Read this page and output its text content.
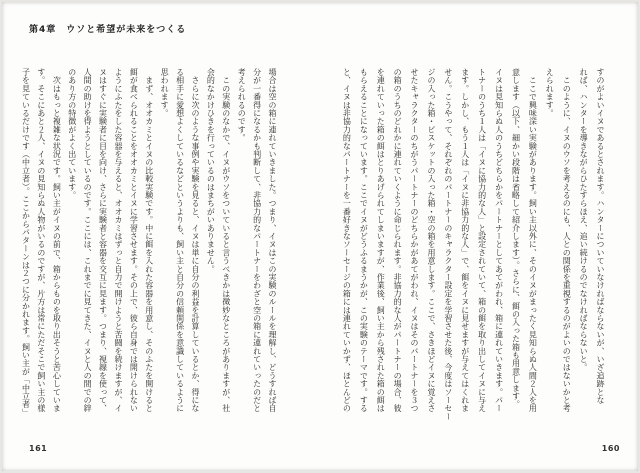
第4章 ウソと希望が未来をつくる
すのがよいイヌであるとされます。ハンターについていなければならないが、いざ追跡とな
れば、ハンターを導きながらひたすらほえ、追い続けるのでなければならないと。
　このように、イヌのウソを考えるのにも、人との関係を重視するのがよいのではないかと考
えられます。
　ここで興味深い実験があります。飼い主以外に、そのイヌがまったく見知らぬ人間２人を用
意します（以下、細かい段階は省略して紹介します）。さらに、餌の入った箱も用意します。
イヌは見知らぬ人のうちどちらかをパートナーとしてあてがわれ、箱に連れていきます。パー
トナーのうち１人は「イヌに協力的な人」と設定されていて、箱の餌を取り出してイヌに与え
ます。しかし、もう１人は「イヌに非協力的な人」で、餌をイヌに見せますが与えてはくれま
せん。こうやって、それぞれのパートナーのキャラクター設定を学習させた後、今度はソーセー
ジの入った箱・ビスケットの入った箱・空の箱を用意します。ここで、さきほどイヌに覚えさ
せたキャラクターのちがうパートナーのどちらかがあてがわれ、イヌはそのパートナーを３つ
の箱のうちのどれかに連れていくように命じられます。非協力的な人がパートナーの場合、彼
を連れていった箱の餌はとりあげられてしまいますが、作業後、飼い主から残された箱の餌は
もらえることになっています。ここでイヌがどうふるまうかが、この実験のテーマです。する
と、イヌは非協力的なパートナーを一番好きなソーセージの箱には連れていかず、ほとんどの
場合は空の箱に連れていきました。つまり、イヌはこの実験のルールを理解し、どうすれば自
分が一番得になるかも判断して、非協力的なパートナーをわざと空の箱に連れていったのだと
考えられるのです。
　この実験のなかで、イヌがウソをついていると言うべきかは微妙なところがありますが、社
会的なかけひきを行っているのはまちがいありません。
　さらに次のような事例や実験を見ると、イヌは単に自分の利益を計算しているとか、得にな
る相手に愛想よくしているなどというよりも、飼い主と自分の信頼関係を意識しているように
思われます。
　まず、オオカミとイヌの比較実験です。中に餌を入れた容器を用意し、そのふたを開けると
餌が食べられることをオオカミとイヌに学習させます。その上で、彼ら自身では開けられない
ようにふたをした容器を与えると、オオカミはずっと自力で開けようと苦闘を続けますが、イ
ヌはすぐに実験者に目を向け、さらに実験者と容器を交互に見ます。つまり、視線を使って、
人間の助けを得ようとしているのです。ここには、これまでに見てきた、イヌと人の間での絆
のあり方の特徴がよく出ています。
　次はもっと複雑な状況です。飼い主がイヌの前で、箱からものを取り出そうと苦心していま
す。そこにあと２人、イヌの見知らぬ人物がいるのですが、片方は常にただそこで飼い主の様
子を見ているだけです（中立者）。ここからパターンは２つに分かれます。飼い主が「中立者」
160
161
